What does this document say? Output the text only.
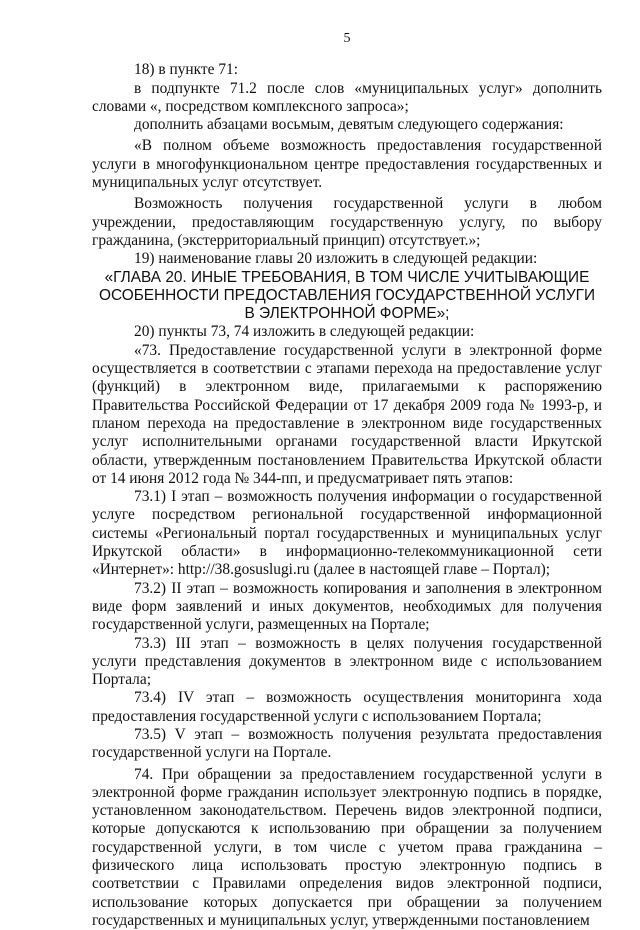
5

18) в пункте 71:

в подпункте 71.2 после слов «муниципальных услуг» дополнить словами «, посредством комплексного запроса»;

дополнить абзацами восьмым, девятым следующего содержания:

«В полном объеме возможность предоставления государственной услуги в многофункциональном центре предоставления государственных и муниципальных услуг отсутствует.

Возможность получения государственной услуги в любом учреждении, предоставляющим государственную услугу, по выбору гражданина, (экстерриториальный принцип) отсутствует.»;

19) наименование главы 20 изложить в следующей редакции:

«ГЛАВА 20. ИНЫЕ ТРЕБОВАНИЯ, В ТОМ ЧИСЛЕ УЧИТЫВАЮЩИЕ ОСОБЕННОСТИ ПРЕДОСТАВЛЕНИЯ ГОСУДАРСТВЕННОЙ УСЛУГИ В ЭЛЕКТРОННОЙ ФОРМЕ»;

20) пункты 73, 74 изложить в следующей редакции:

«73. Предоставление государственной услуги в электронной форме осуществляется в соответствии с этапами перехода на предоставление услуг (функций) в электронном виде, прилагаемыми к распоряжению Правительства Российской Федерации от 17 декабря 2009 года № 1993-р, и планом перехода на предоставление в электронном виде государственных услуг исполнительными органами государственной власти Иркутской области, утвержденным постановлением Правительства Иркутской области от 14 июня 2012 года № 344-пп, и предусматривает пять этапов:

73.1) I этап – возможность получения информации о государственной услуге посредством региональной государственной информационной системы «Региональный портал государственных и муниципальных услуг Иркутской области» в информационно-телекоммуникационной сети «Интернет»: http://38.gosuslugi.ru (далее в настоящей главе – Портал);

73.2) II этап – возможность копирования и заполнения в электронном виде форм заявлений и иных документов, необходимых для получения государственной услуги, размещенных на Портале;

73.3) III этап – возможность в целях получения государственной услуги представления документов в электронном виде с использованием Портала;

73.4) IV этап – возможность осуществления мониторинга хода предоставления государственной услуги с использованием Портала;

73.5) V этап – возможность получения результата предоставления государственной услуги на Портале.

74. При обращении за предоставлением государственной услуги в электронной форме гражданин использует электронную подпись в порядке, установленном законодательством. Перечень видов электронной подписи, которые допускаются к использованию при обращении за получением государственной услуги, в том числе с учетом права гражданина – физического лица использовать простую электронную подпись в соответствии с Правилами определения видов электронной подписи, использование которых допускается при обращении за получением государственных и муниципальных услуг, утвержденными постановлением
